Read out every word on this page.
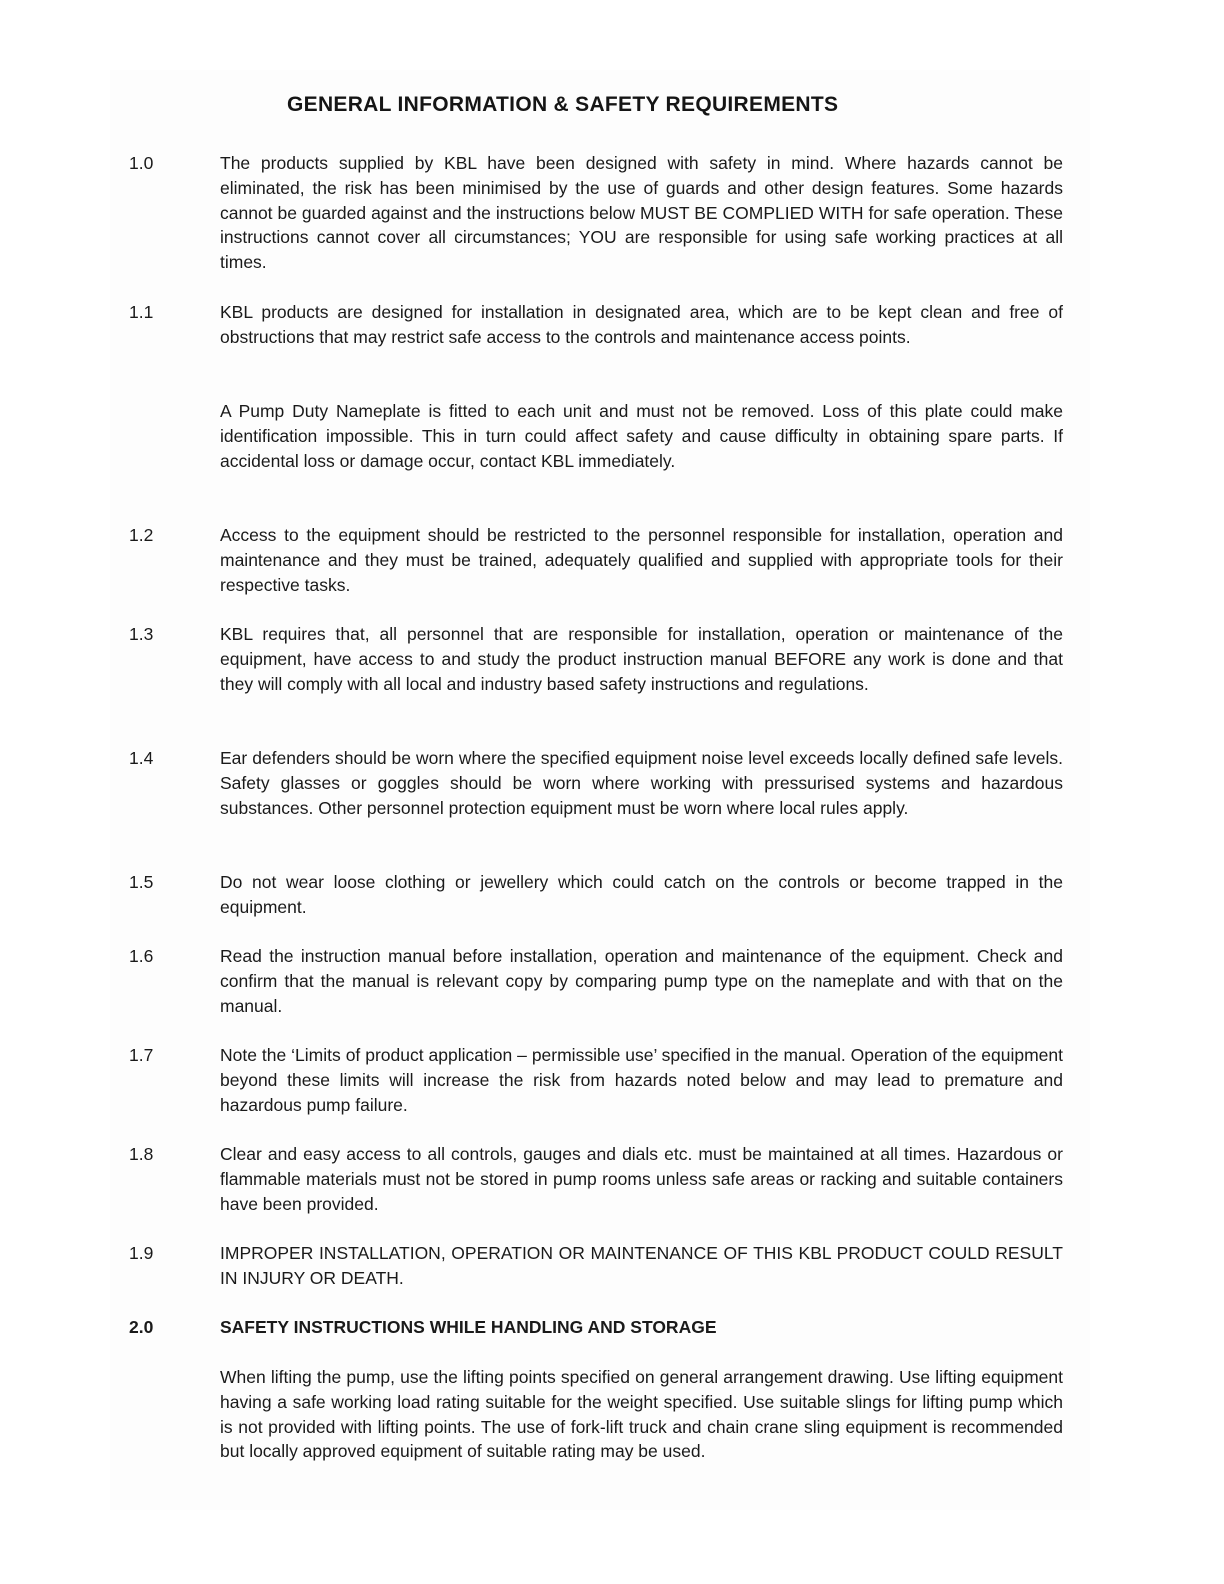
GENERAL INFORMATION & SAFETY REQUIREMENTS
1.0	The products supplied by KBL have been designed with safety in mind. Where hazards cannot be eliminated, the risk has been minimised by the use of guards and other design features. Some hazards cannot be guarded against and the instructions below MUST BE COMPLIED WITH for safe operation. These instructions cannot cover all circumstances; YOU are responsible for using safe working practices at all times.

1.1	KBL products are designed for installation in designated area, which are to be kept clean and free of obstructions that may restrict safe access to the controls and maintenance access points.

A Pump Duty Nameplate is fitted to each unit and must not be removed. Loss of this plate could make identification impossible. This in turn could affect safety and cause difficulty in obtaining spare parts. If accidental loss or damage occur, contact KBL immediately.

1.2	Access to the equipment should be restricted to the personnel responsible for installation, operation and maintenance and they must be trained, adequately qualified and supplied with appropriate tools for their respective tasks.

1.3	KBL requires that, all personnel that are responsible for installation, operation or maintenance of the equipment, have access to and study the product instruction manual BEFORE any work is done and that they will comply with all local and industry based safety instructions and regulations.

1.4	Ear defenders should be worn where the specified equipment noise level exceeds locally defined safe levels. Safety glasses or goggles should be worn where working with pressurised systems and hazardous substances. Other personnel protection equipment must be worn where local rules apply.

1.5	Do not wear loose clothing or jewellery which could catch on the controls or become trapped in the equipment.

1.6	Read the instruction manual before installation, operation and maintenance of the equipment. Check and confirm that the manual is relevant copy by comparing pump type on the nameplate and with that on the manual.

1.7	Note the ‘Limits of product application – permissible use’ specified in the manual. Operation of the equipment beyond these limits will increase the risk from hazards noted below and may lead to premature and hazardous pump failure.

1.8	Clear and easy access to all controls, gauges and dials etc. must be maintained at all times. Hazardous or flammable materials must not be stored in pump rooms unless safe areas or racking and suitable containers have been provided.

1.9	IMPROPER INSTALLATION, OPERATION OR MAINTENANCE OF THIS KBL PRODUCT COULD RESULT IN INJURY OR DEATH.

2.0	SAFETY INSTRUCTIONS WHILE HANDLING AND STORAGE

When lifting the pump, use the lifting points specified on general arrangement drawing. Use lifting equipment having a safe working load rating suitable for the weight specified. Use suitable slings for lifting pump which is not provided with lifting points. The use of fork-lift truck and chain crane sling equipment is recommended but locally approved equipment of suitable rating may be used.
